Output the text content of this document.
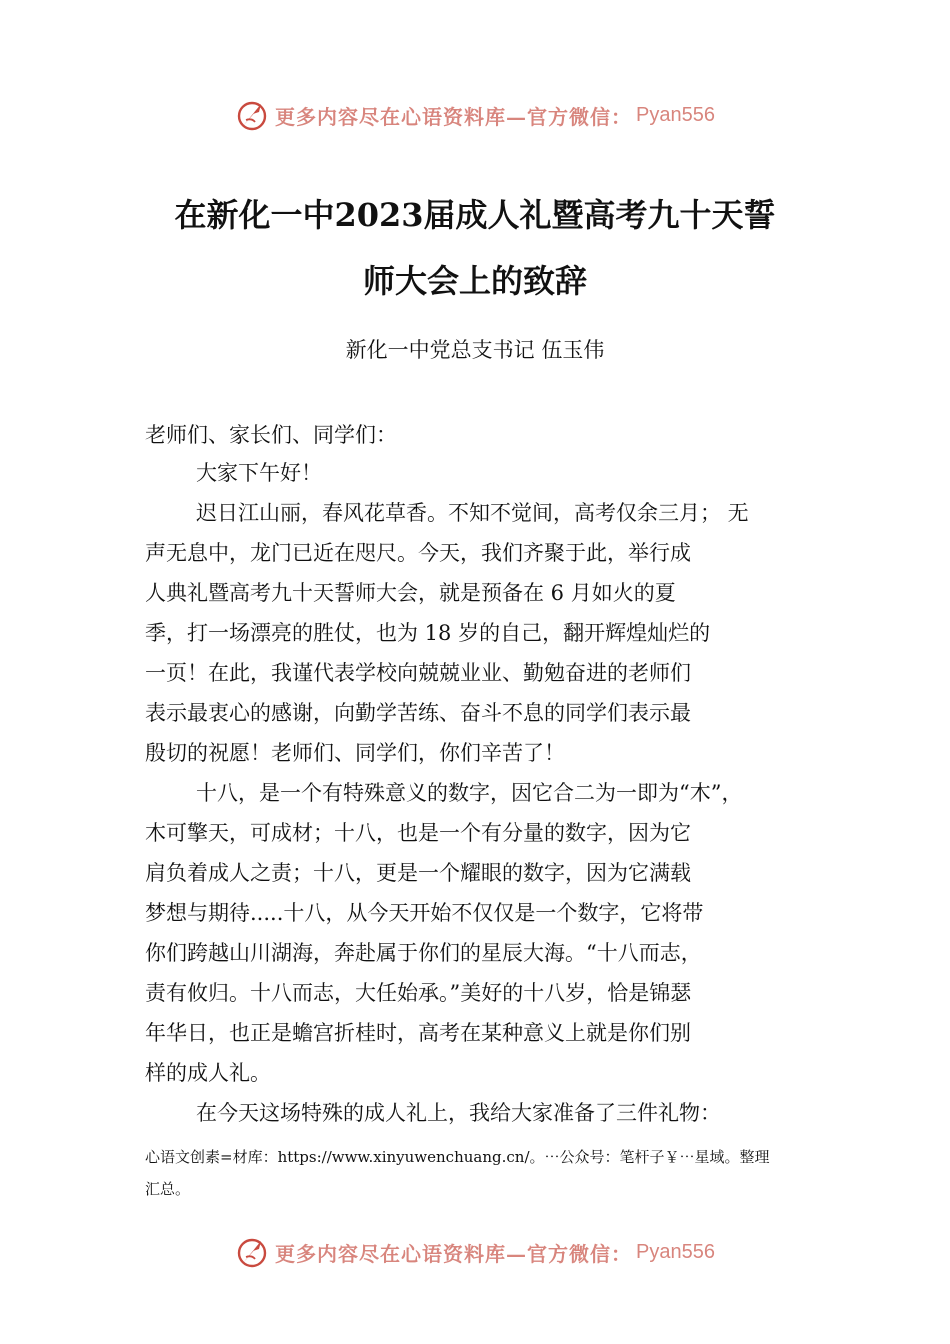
更多内容尽在心语资料库—官方微信： Pyan556
在新化一中2023届成人礼暨高考九十天誓
师大会上的致辞
新化一中党总支书记 伍玉伟
老师们、家长们、同学们：
大家下午好！
迟日江山丽，春风花草香。不知不觉间，高考仅余三月； 无
声无息中，龙门已近在咫尺。今天，我们齐聚于此，举行成
人典礼暨高考九十天誓师大会，就是预备在 6 月如火的夏
季，打一场漂亮的胜仗，也为 18 岁的自己，翻开辉煌灿烂的
一页！在此，我谨代表学校向兢兢业业、勤勉奋进的老师们
表示最衷心的感谢，向勤学苦练、奋斗不息的同学们表示最
殷切的祝愿！老师们、同学们，你们辛苦了！
十八，是一个有特殊意义的数字，因它合二为一即为“木”，
木可擎天，可成材；十八，也是一个有分量的数字，因为它
肩负着成人之责；十八，更是一个耀眼的数字，因为它满载
梦想与期待.....十八，从今天开始不仅仅是一个数字，它将带
你们跨越山川湖海，奔赴属于你们的星辰大海。“十八而志，
责有攸归。十八而志，大任始承。”美好的十八岁，恰是锦瑟
年华日，也正是蟾宫折桂时，高考在某种意义上就是你们别
样的成人礼。
在今天这场特殊的成人礼上，我给大家准备了三件礼物：
心语文创素=材库：https://www.xinyuwenchuang.cn/。⋯公众号：笔杆子￥⋯星域。整理
汇总。
更多内容尽在心语资料库—官方微信： Pyan556
